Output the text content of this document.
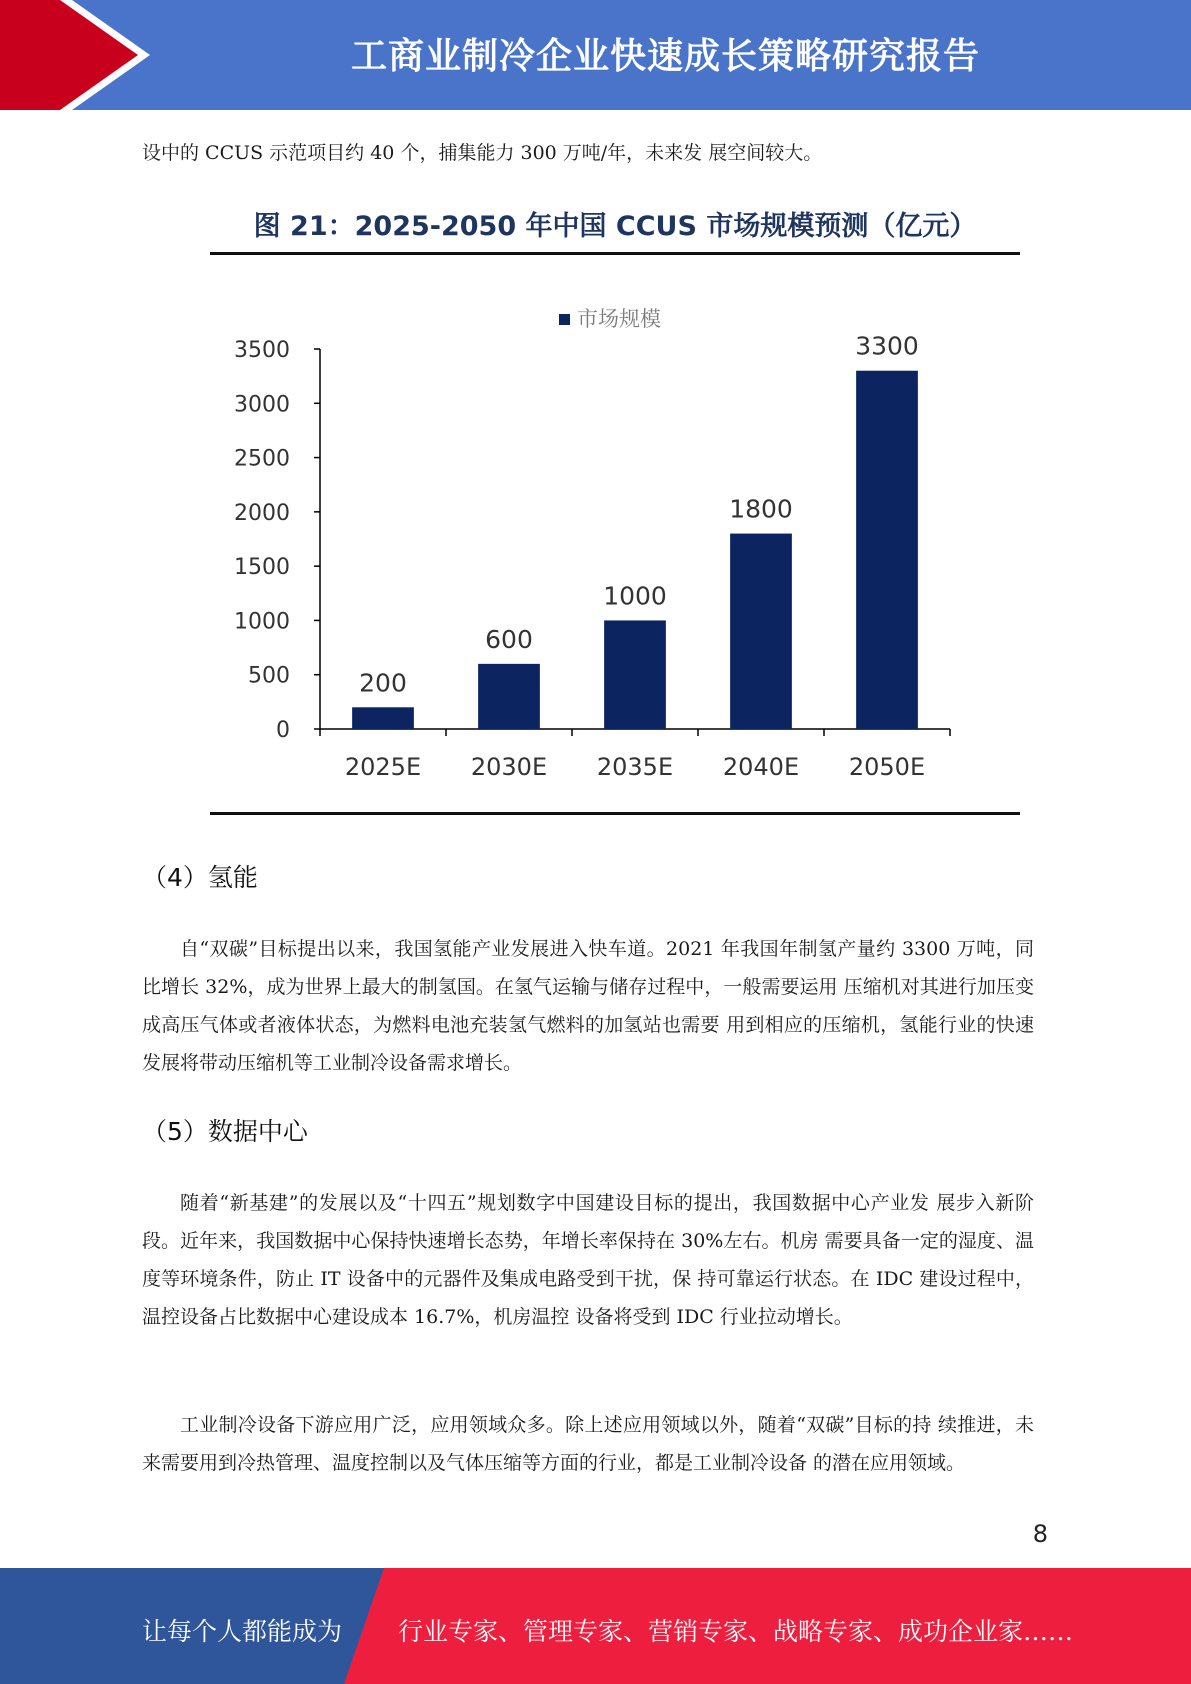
工商业制冷企业快速成长策略研究报告
设中的 CCUS 示范项目约 40 个，捕集能力 300 万吨/年，未来发 展空间较大。
图 21：2025-2050 年中国 CCUS 市场规模预测（亿元）
市场规模
0
500
1000
1500
2000
2500
3000
3500
2025E 2030E 2035E 2040E 2050E
200
600
1000
1800
3300
（4）氢能
自“双碳”目标提出以来，我国氢能产业发展进入快车道。2021 年我国年制氢产量约 3300 万吨，同比增长 32%，成为世界上最大的制氢国。在氢气运输与储存过程中，一般需要运用 压缩机对其进行加压变成高压气体或者液体状态，为燃料电池充装氢气燃料的加氢站也需要 用到相应的压缩机，氢能行业的快速发展将带动压缩机等工业制冷设备需求增长。
（5）数据中心
随着“新基建”的发展以及“十四五”规划数字中国建设目标的提出，我国数据中心产业发 展步入新阶段。近年来，我国数据中心保持快速增长态势，年增长率保持在 30%左右。机房 需要具备一定的湿度、温度等环境条件，防止 IT 设备中的元器件及集成电路受到干扰，保 持可靠运行状态。在 IDC 建设过程中，温控设备占比数据中心建设成本 16.7%，机房温控 设备将受到 IDC 行业拉动增长。
工业制冷设备下游应用广泛，应用领域众多。除上述应用领域以外，随着“双碳”目标的持 续推进，未来需要用到冷热管理、温度控制以及气体压缩等方面的行业，都是工业制冷设备 的潜在应用领域。
8
让每个人都能成为 行业专家、管理专家、营销专家、战略专家、成功企业家……
